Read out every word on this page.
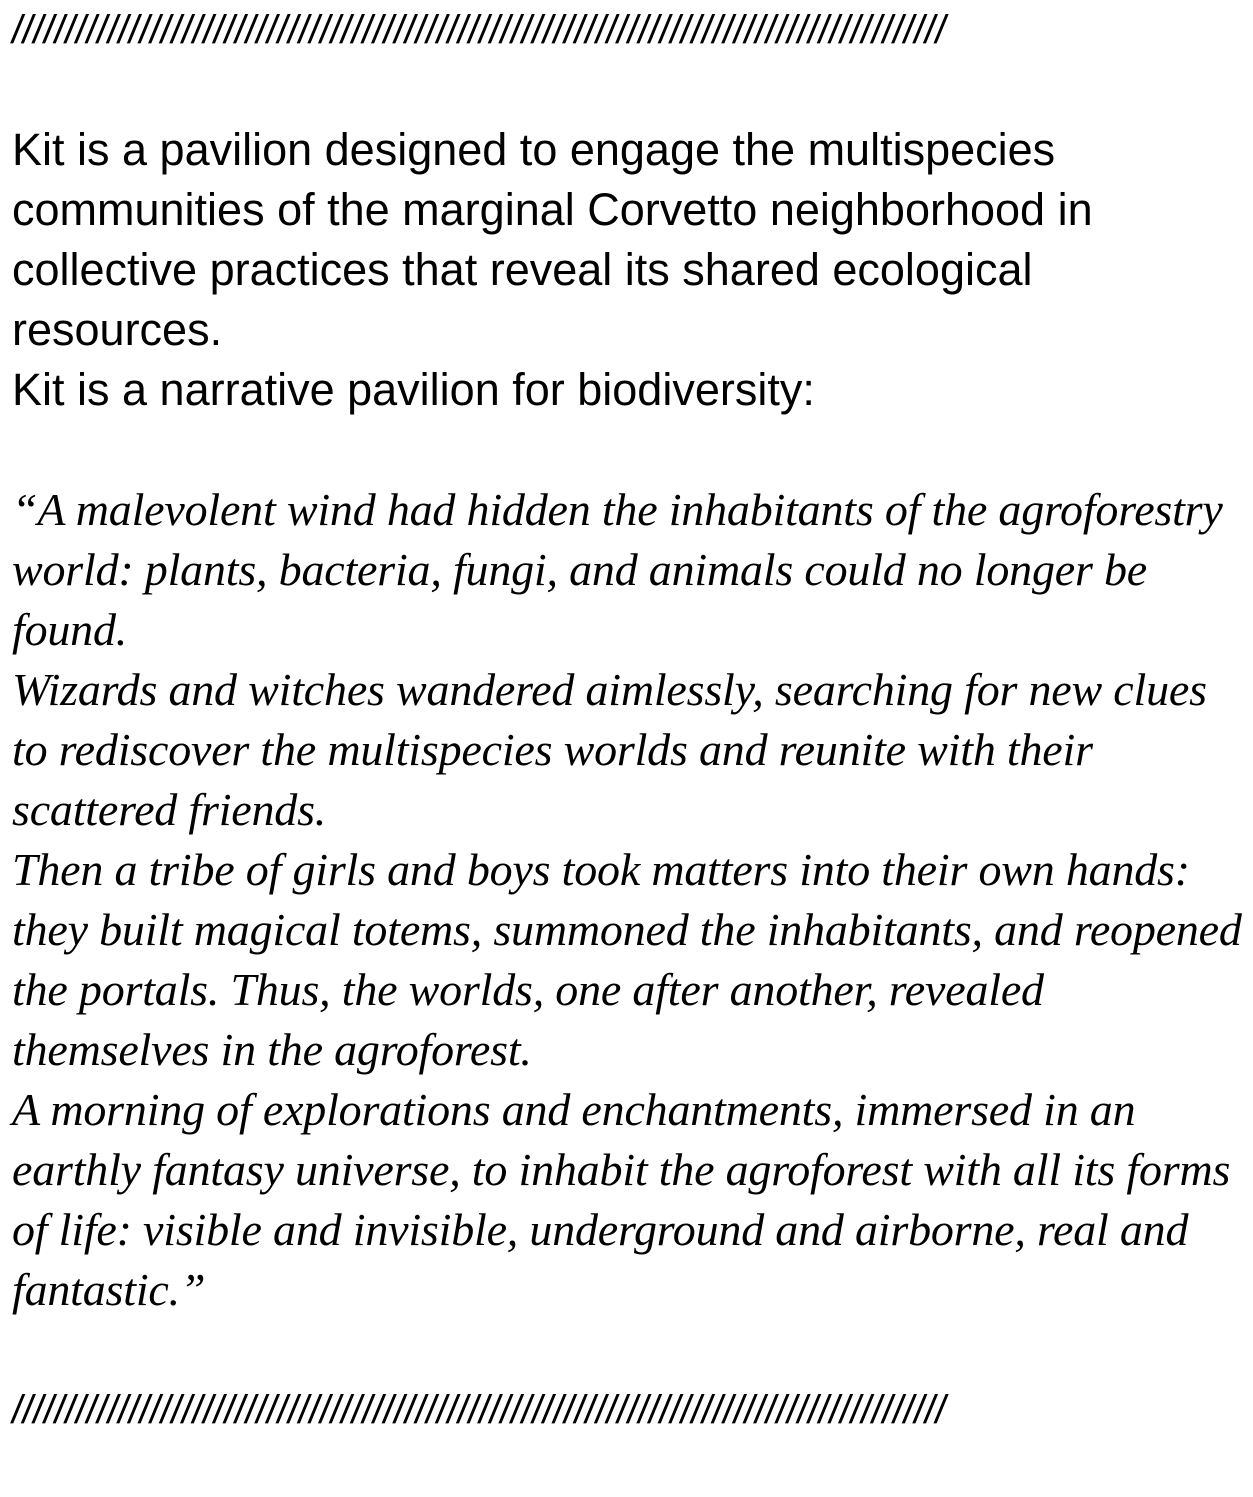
////////////////////////////////////////////////////////////////////////////////////////

Kit is a pavilion designed to engage the multispecies communities of the marginal Corvetto neighborhood in collective practices that reveal its shared ecological resources.

Kit is a narrative pavilion for biodiversity:

“A malevolent wind had hidden the inhabitants of the agroforestry world: plants, bacteria, fungi, and animals could no longer be found.

Wizards and witches wandered aimlessly, searching for new clues to rediscover the multispecies worlds and reunite with their scattered friends.

Then a tribe of girls and boys took matters into their own hands: they built magical totems, summoned the inhabitants, and reopened the portals. Thus, the worlds, one after another, revealed themselves in the agroforest.

A morning of explorations and enchantments, immersed in an earthly fantasy universe, to inhabit the agroforest with all its forms of life: visible and invisible, underground and airborne, real and fantastic.”

////////////////////////////////////////////////////////////////////////////////////////
